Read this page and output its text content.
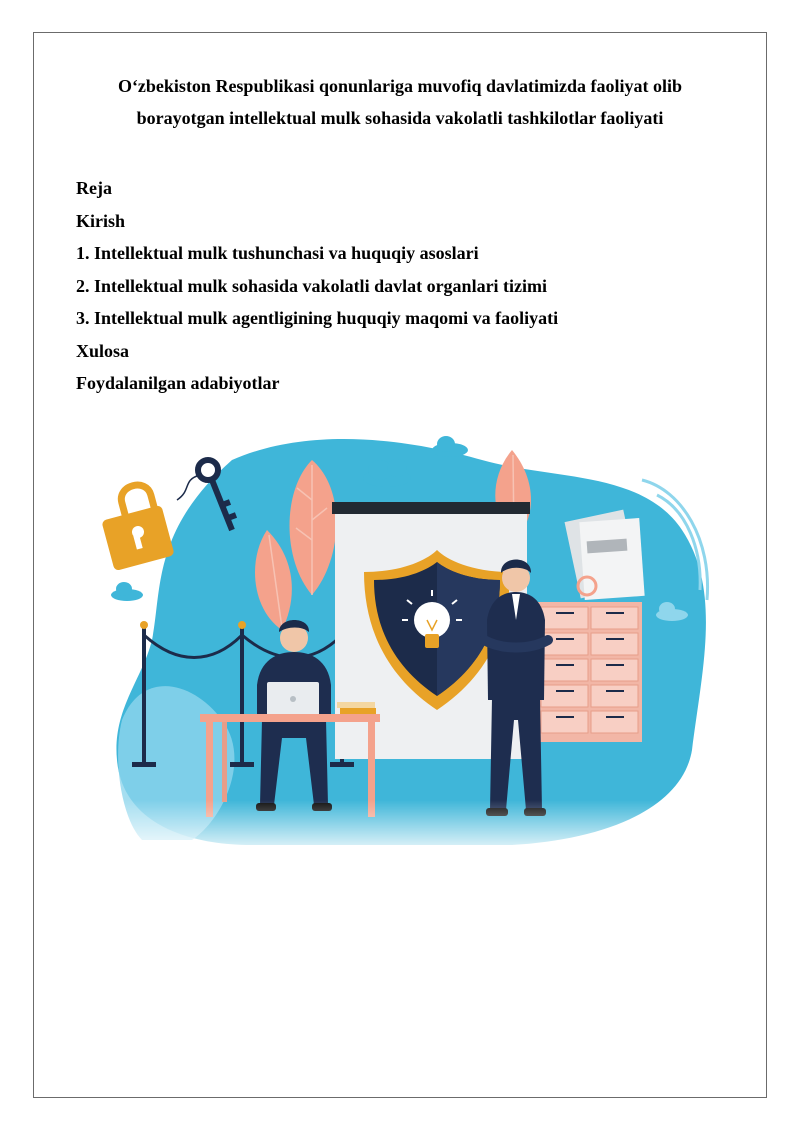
O‘zbekiston Respublikasi qonunlariga muvofiq davlatimizda faoliyat olib
borayotgan intellektual mulk sohasida vakolatli tashkilotlar faoliyati
Reja
Kirish
1. Intellektual mulk tushunchasi va huquqiy asoslari
2. Intellektual mulk sohasida vakolatli davlat organlari tizimi
3. Intellektual mulk agentligining huquqiy maqomi va faoliyati
Xulosa
Foydalanilgan adabiyotlar
